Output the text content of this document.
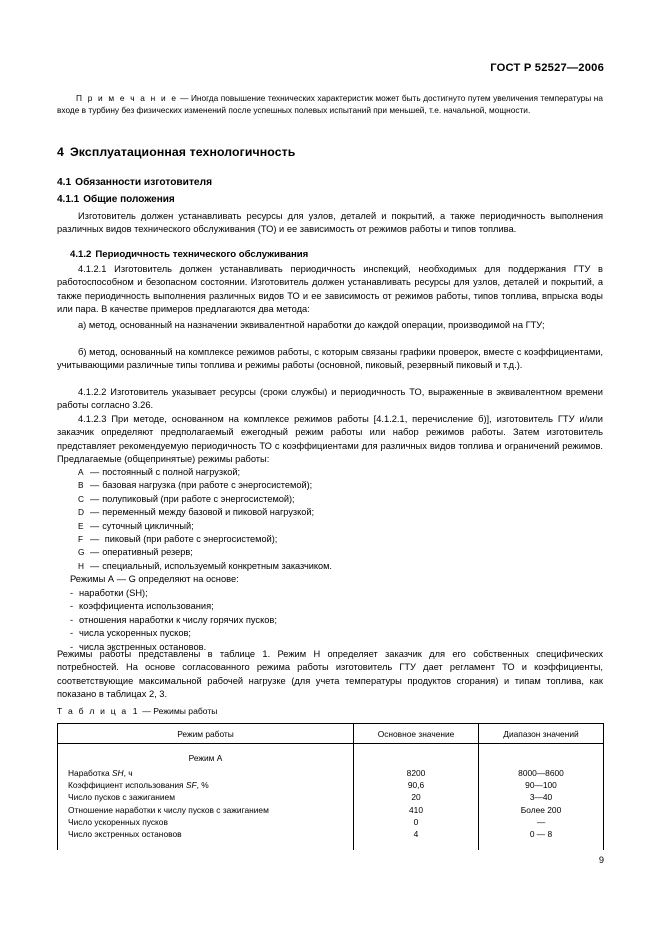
ГОСТ Р 52527—2006
П р и м е ч а н и е — Иногда повышение технических характеристик может быть достигнуто путем увеличения температуры на входе в турбину без физических изменений после успешных полевых испытаний при меньшей, т.е. начальной, мощности.
4 Эксплуатационная технологичность
4.1 Обязанности изготовителя
4.1.1 Общие положения
Изготовитель должен устанавливать ресурсы для узлов, деталей и покрытий, а также периодичность выполнения различных видов технического обслуживания (ТО) и ее зависимость от режимов работы и типов топлива.
4.1.2 Периодичность технического обслуживания
4.1.2.1 Изготовитель должен устанавливать периодичность инспекций, необходимых для поддержания ГТУ в работоспособном и безопасном состоянии. Изготовитель должен устанавливать ресурсы для узлов, деталей и покрытий, а также периодичность выполнения различных видов ТО и ее зависимость от режимов работы, типов топлива, впрыска воды или пара. В качестве примеров предлагаются два метода:
а) метод, основанный на назначении эквивалентной наработки до каждой операции, производимой на ГТУ;
б) метод, основанный на комплексе режимов работы, с которым связаны графики проверок, вместе с коэффициентами, учитывающими различные типы топлива и режимы работы (основной, пиковый, резервный пиковый и т.д.).
4.1.2.2 Изготовитель указывает ресурсы (сроки службы) и периодичность ТО, выраженные в эквивалентном времени работы согласно 3.26.
4.1.2.3 При методе, основанном на комплексе режимов работы [4.1.2.1, перечисление б)], изготовитель ГТУ и/или заказчик определяют предполагаемый ежегодный режим работы или набор режимов работы. Затем изготовитель представляет рекомендуемую периодичность ТО с коэффициентами для различных видов топлива и ограничений режимов. Предлагаемые (общепринятые) режимы работы:
А — постоянный с полной нагрузкой;
В — базовая нагрузка (при работе с энергосистемой);
С — полупиковый (при работе с энергосистемой);
D — переменный между базовой и пиковой нагрузкой;
Е — суточный цикличный;
F — пиковый (при работе с энергосистемой);
G — оперативный резерв;
Н — специальный, используемый конкретным заказчиком.
Режимы А — G определяют на основе:
- наработки (SH);
- коэффициента использования;
- отношения наработки к числу горячих пусков;
- числа ускоренных пусков;
- числа экстренных остановов.
Режимы работы представлены в таблице 1. Режим Н определяет заказчик для его собственных специфических потребностей. На основе согласованного режима работы изготовитель ГТУ дает регламент ТО и коэффициенты, соответствующие максимальной рабочей нагрузке (для учета температуры продуктов сгорания) и типам топлива, как показано в таблицах 2, 3.
Т а б л и ц а 1 — Режимы работы
Режим работы	Основное значение	Диапазон значений
Режим А		
Наработка SH, ч	8200	8000—8600
Коэффициент использования SF, %	90,6	90—100
Число пусков с зажиганием	20	3—40
Отношение наработки к числу пусков с зажиганием	410	Более 200
Число ускоренных пусков	0	—
Число экстренных остановов	4	0 — 8

9
